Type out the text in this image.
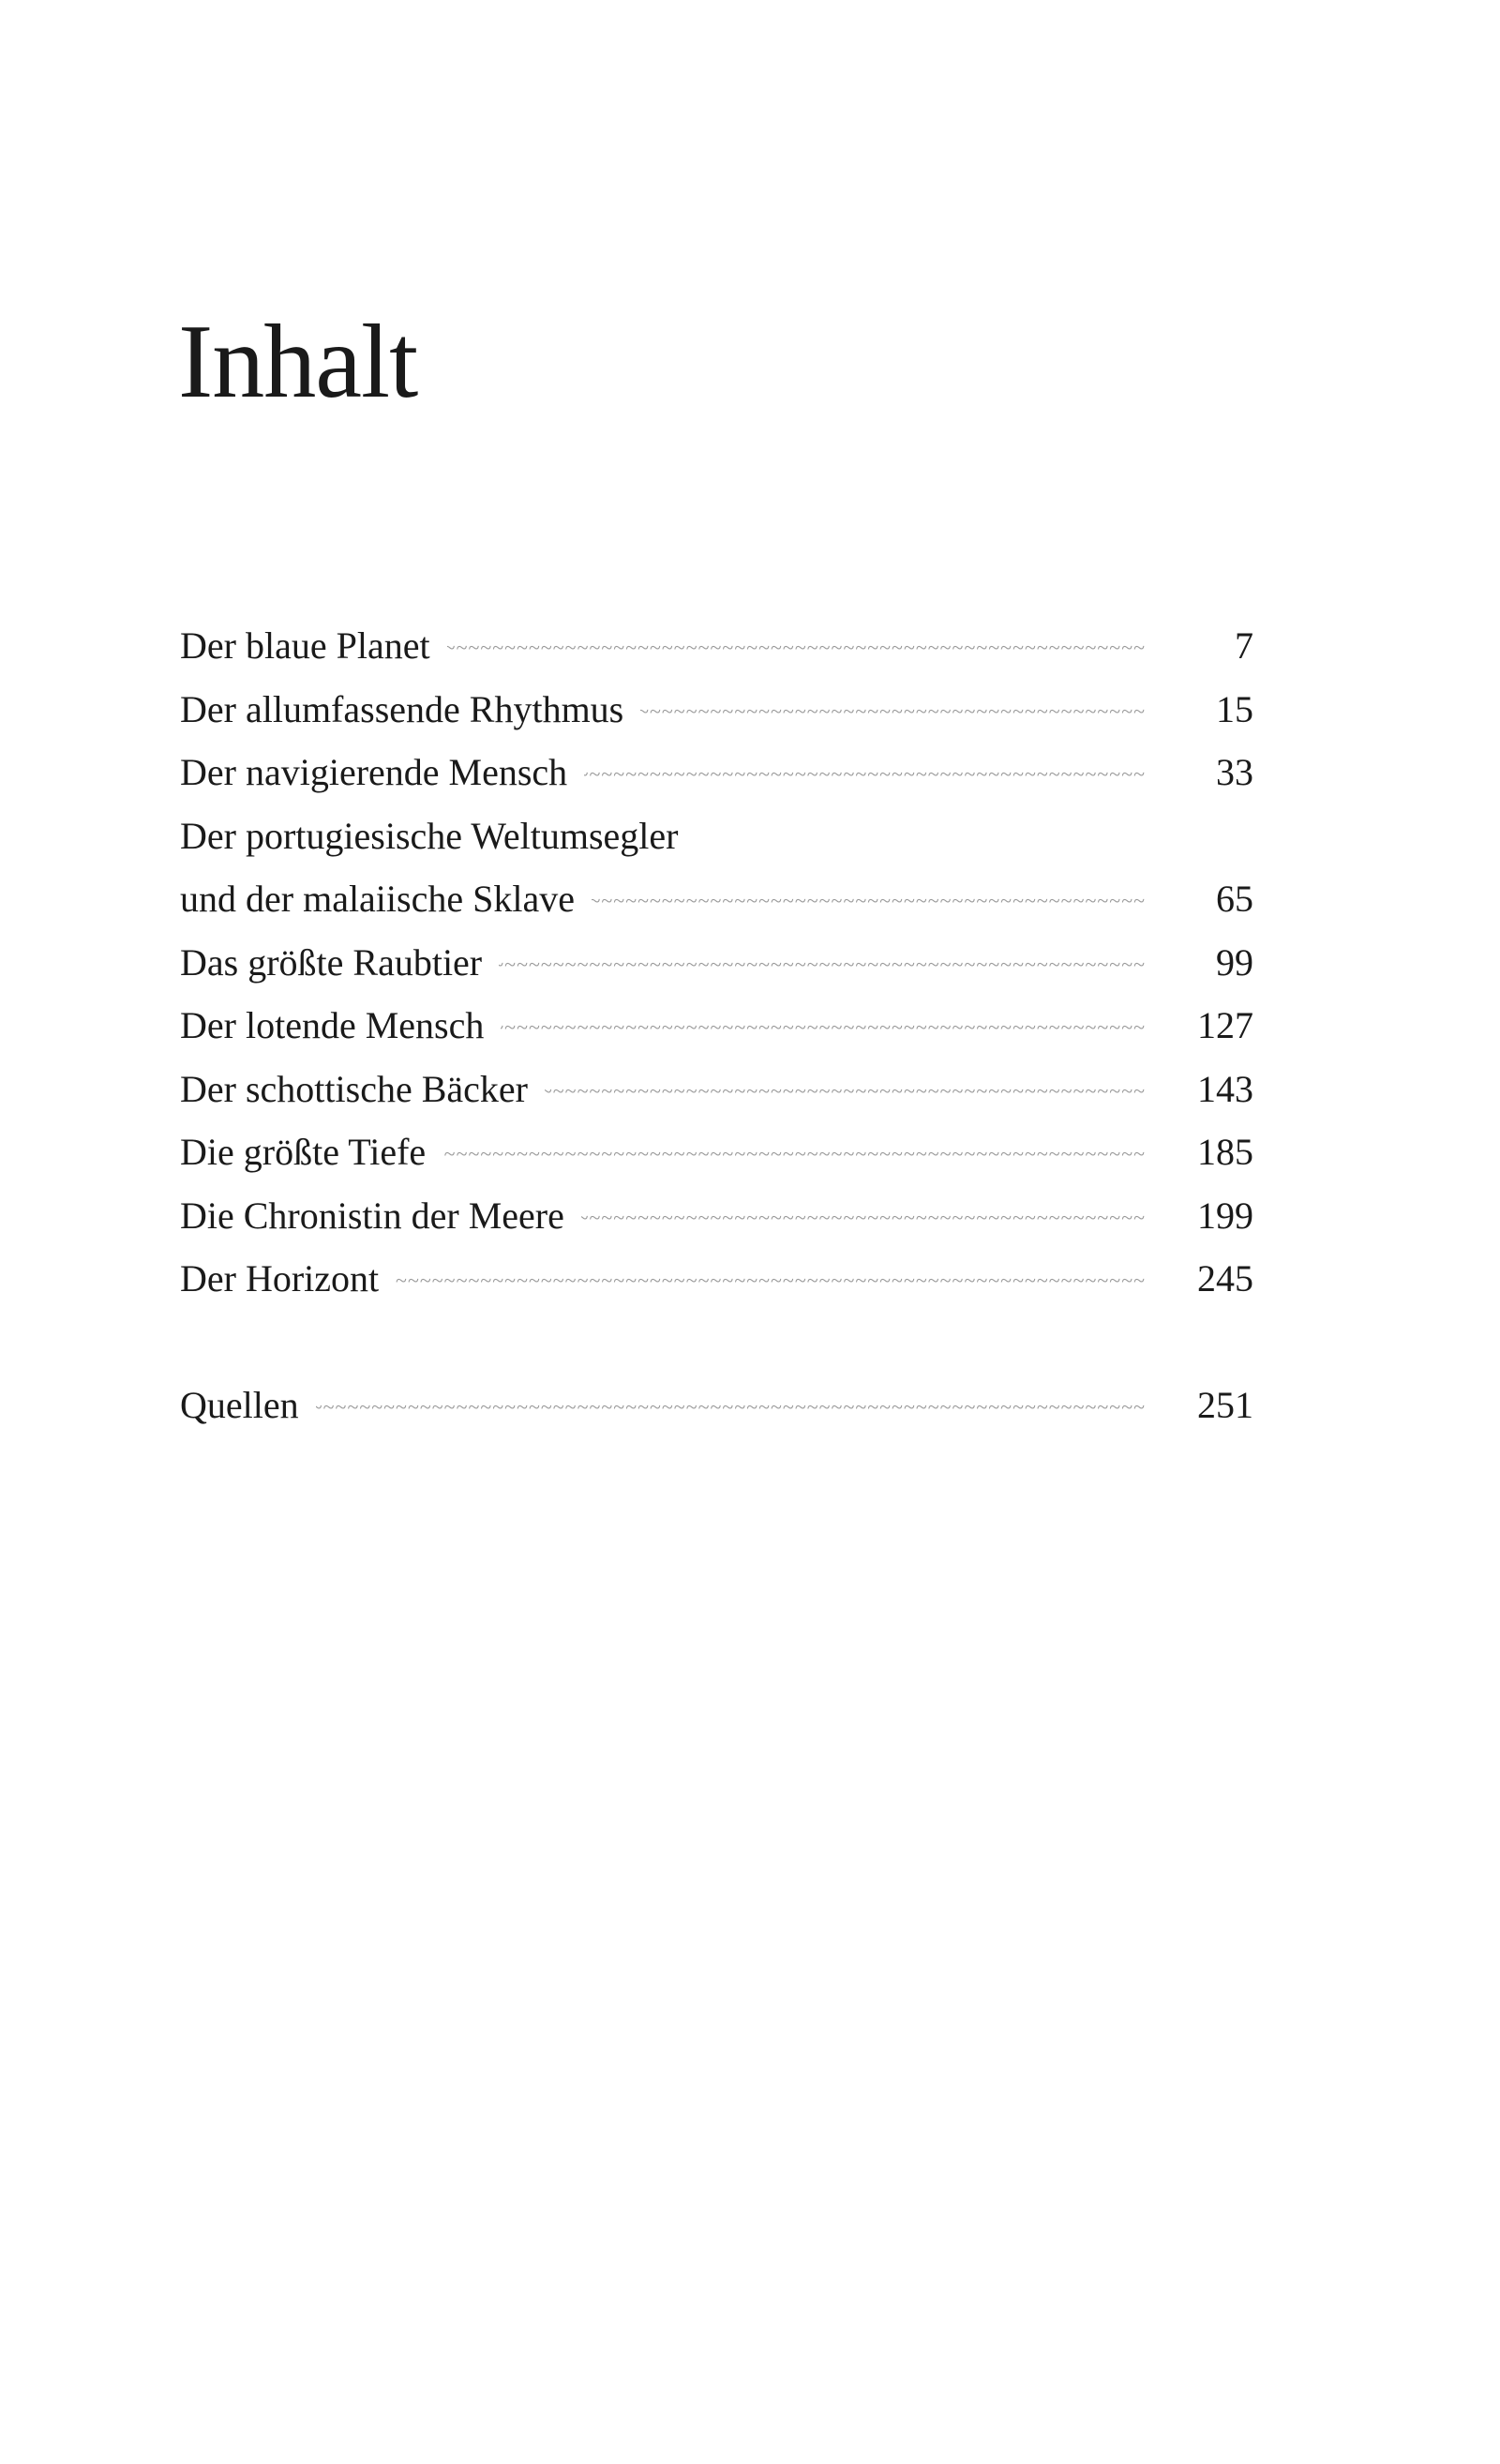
Inhalt
Der blaue Planet ~~~~~	7
Der allumfassende Rhythmus ~~~~~	15
Der navigierende Mensch ~~~~~	33
Der portugiesische Weltumsegler
und der malaiische Sklave ~~~~~	65
Das größte Raubtier ~~~~~	99
Der lotende Mensch ~~~~~	127
Der schottische Bäcker ~~~~~	143
Die größte Tiefe ~~~~~	185
Die Chronistin der Meere ~~~~~	199
Der Horizont ~~~~~	245
Quellen ~~~~~	251
